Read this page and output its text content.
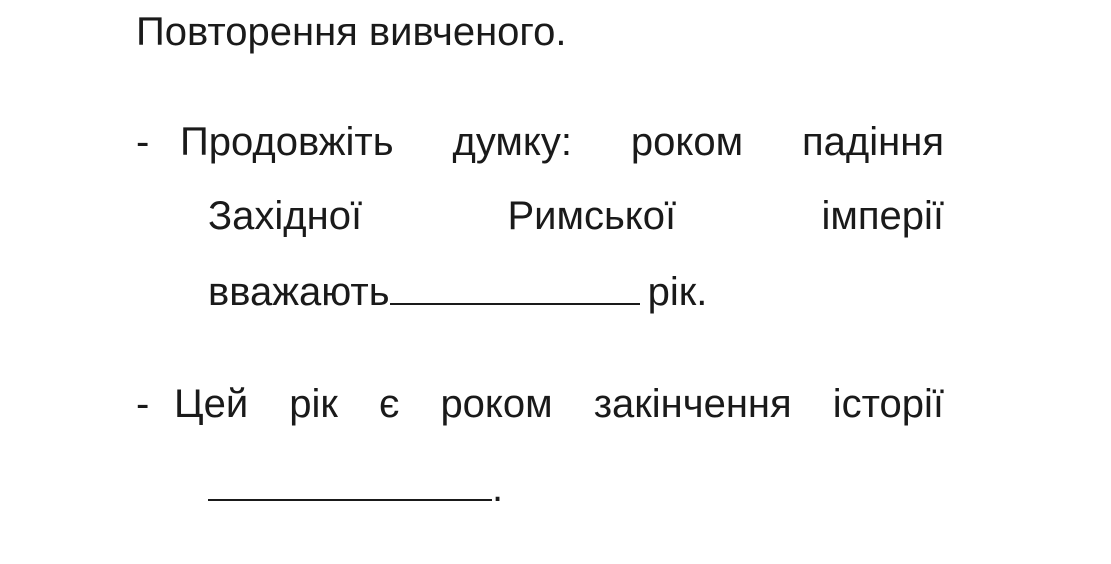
Повторення вивченого.
- Продовжіть думку: роком падіння
Західної	Римської	імперії
вважають	рік.
- Цей рік є роком закінчення історії
.
